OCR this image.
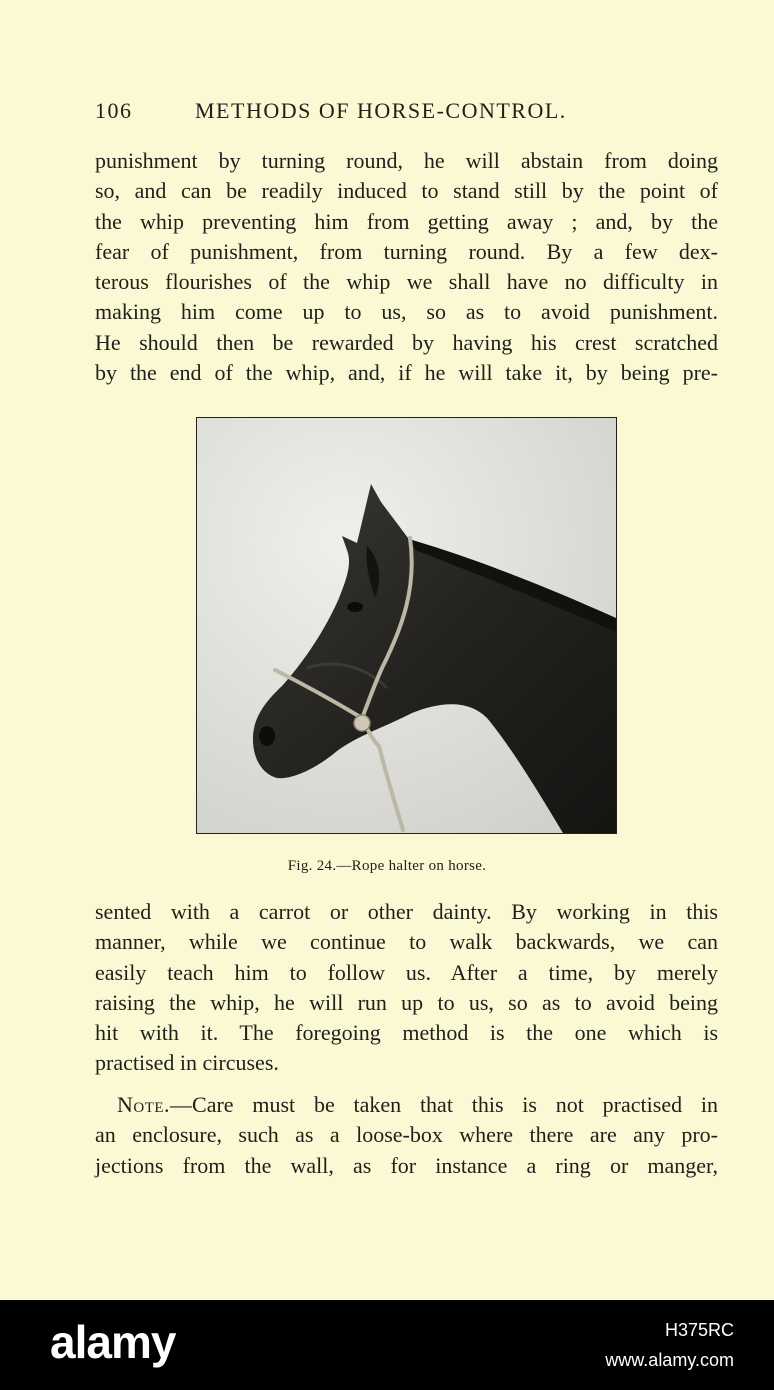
106	METHODS OF HORSE-CONTROL.

punishment by turning round, he will abstain from doing
so, and can be readily induced to stand still by the point of
the whip preventing him from getting away ; and, by the
fear of punishment, from turning round. By a few dex-
terous flourishes of the whip we shall have no difficulty in
making him come up to us, so as to avoid punishment.
He should then be rewarded by having his crest scratched
by the end of the whip, and, if he will take it, by being pre-

Fig. 24.—Rope halter on horse.

sented with a carrot or other dainty. By working in this
manner, while we continue to walk backwards, we can
easily teach him to follow us. After a time, by merely
raising the whip, he will run up to us, so as to avoid being
hit with it. The foregoing method is the one which is
practised in circuses.

 Note.—Care must be taken that this is not practised in
an enclosure, such as a loose-box where there are any pro-
jections from the wall, as for instance a ring or manger,

alamy	H375RC
www.alamy.com
